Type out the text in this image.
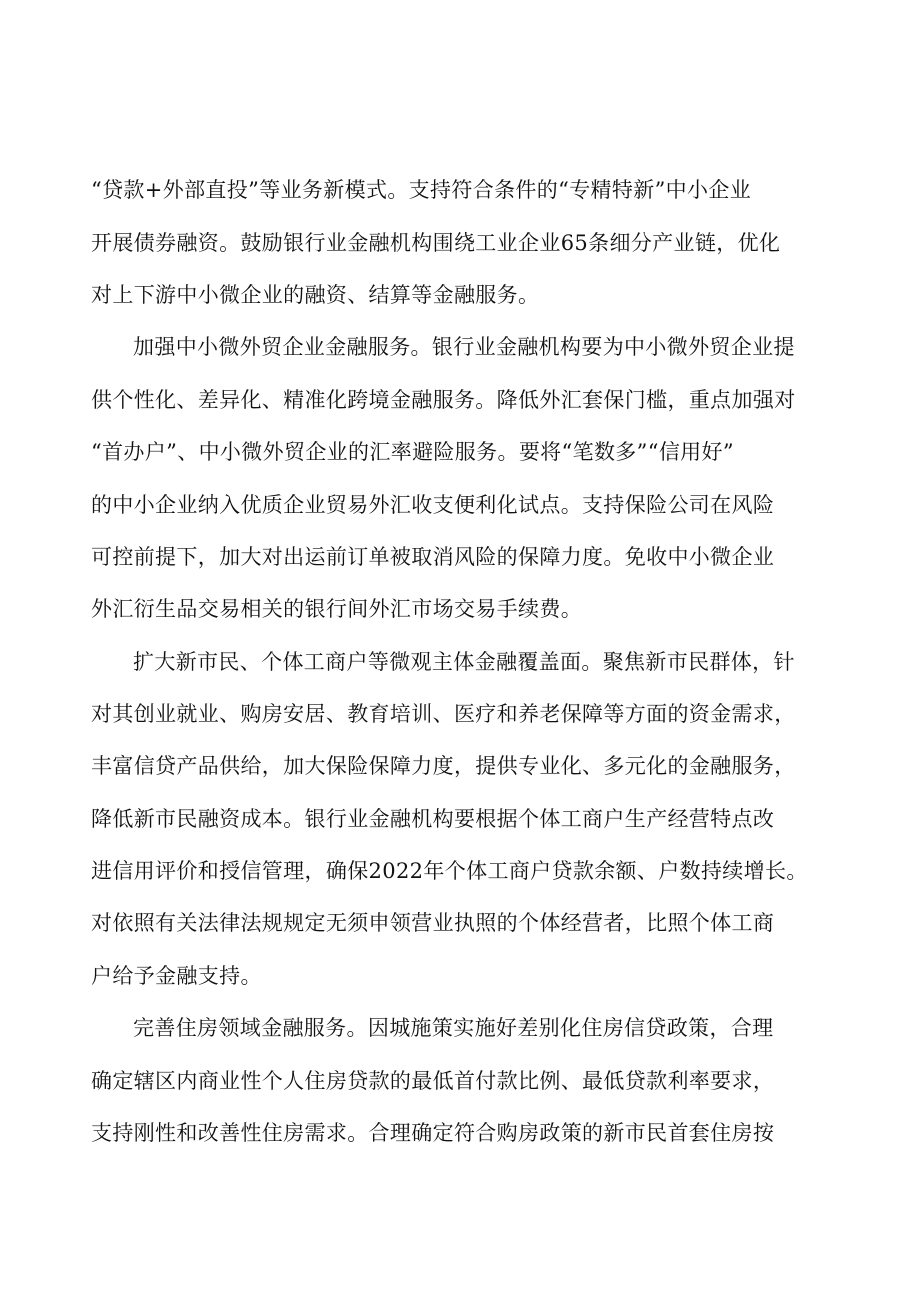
“贷款+外部直投”等业务新模式。支持符合条件的“专精特新”中小企业
开展债券融资。鼓励银行业金融机构围绕工业企业65条细分产业链，优化
对上下游中小微企业的融资、结算等金融服务。
加强中小微外贸企业金融服务。银行业金融机构要为中小微外贸企业提
供个性化、差异化、精准化跨境金融服务。降低外汇套保门槛，重点加强对
“首办户”、中小微外贸企业的汇率避险服务。要将“笔数多”“信用好”
的中小企业纳入优质企业贸易外汇收支便利化试点。支持保险公司在风险
可控前提下，加大对出运前订单被取消风险的保障力度。免收中小微企业
外汇衍生品交易相关的银行间外汇市场交易手续费。
扩大新市民、个体工商户等微观主体金融覆盖面。聚焦新市民群体，针
对其创业就业、购房安居、教育培训、医疗和养老保障等方面的资金需求，
丰富信贷产品供给，加大保险保障力度，提供专业化、多元化的金融服务，
降低新市民融资成本。银行业金融机构要根据个体工商户生产经营特点改
进信用评价和授信管理，确保2022年个体工商户贷款余额、户数持续增长。
对依照有关法律法规规定无须申领营业执照的个体经营者，比照个体工商
户给予金融支持。
完善住房领域金融服务。因城施策实施好差别化住房信贷政策，合理
确定辖区内商业性个人住房贷款的最低首付款比例、最低贷款利率要求，
支持刚性和改善性住房需求。合理确定符合购房政策的新市民首套住房按
